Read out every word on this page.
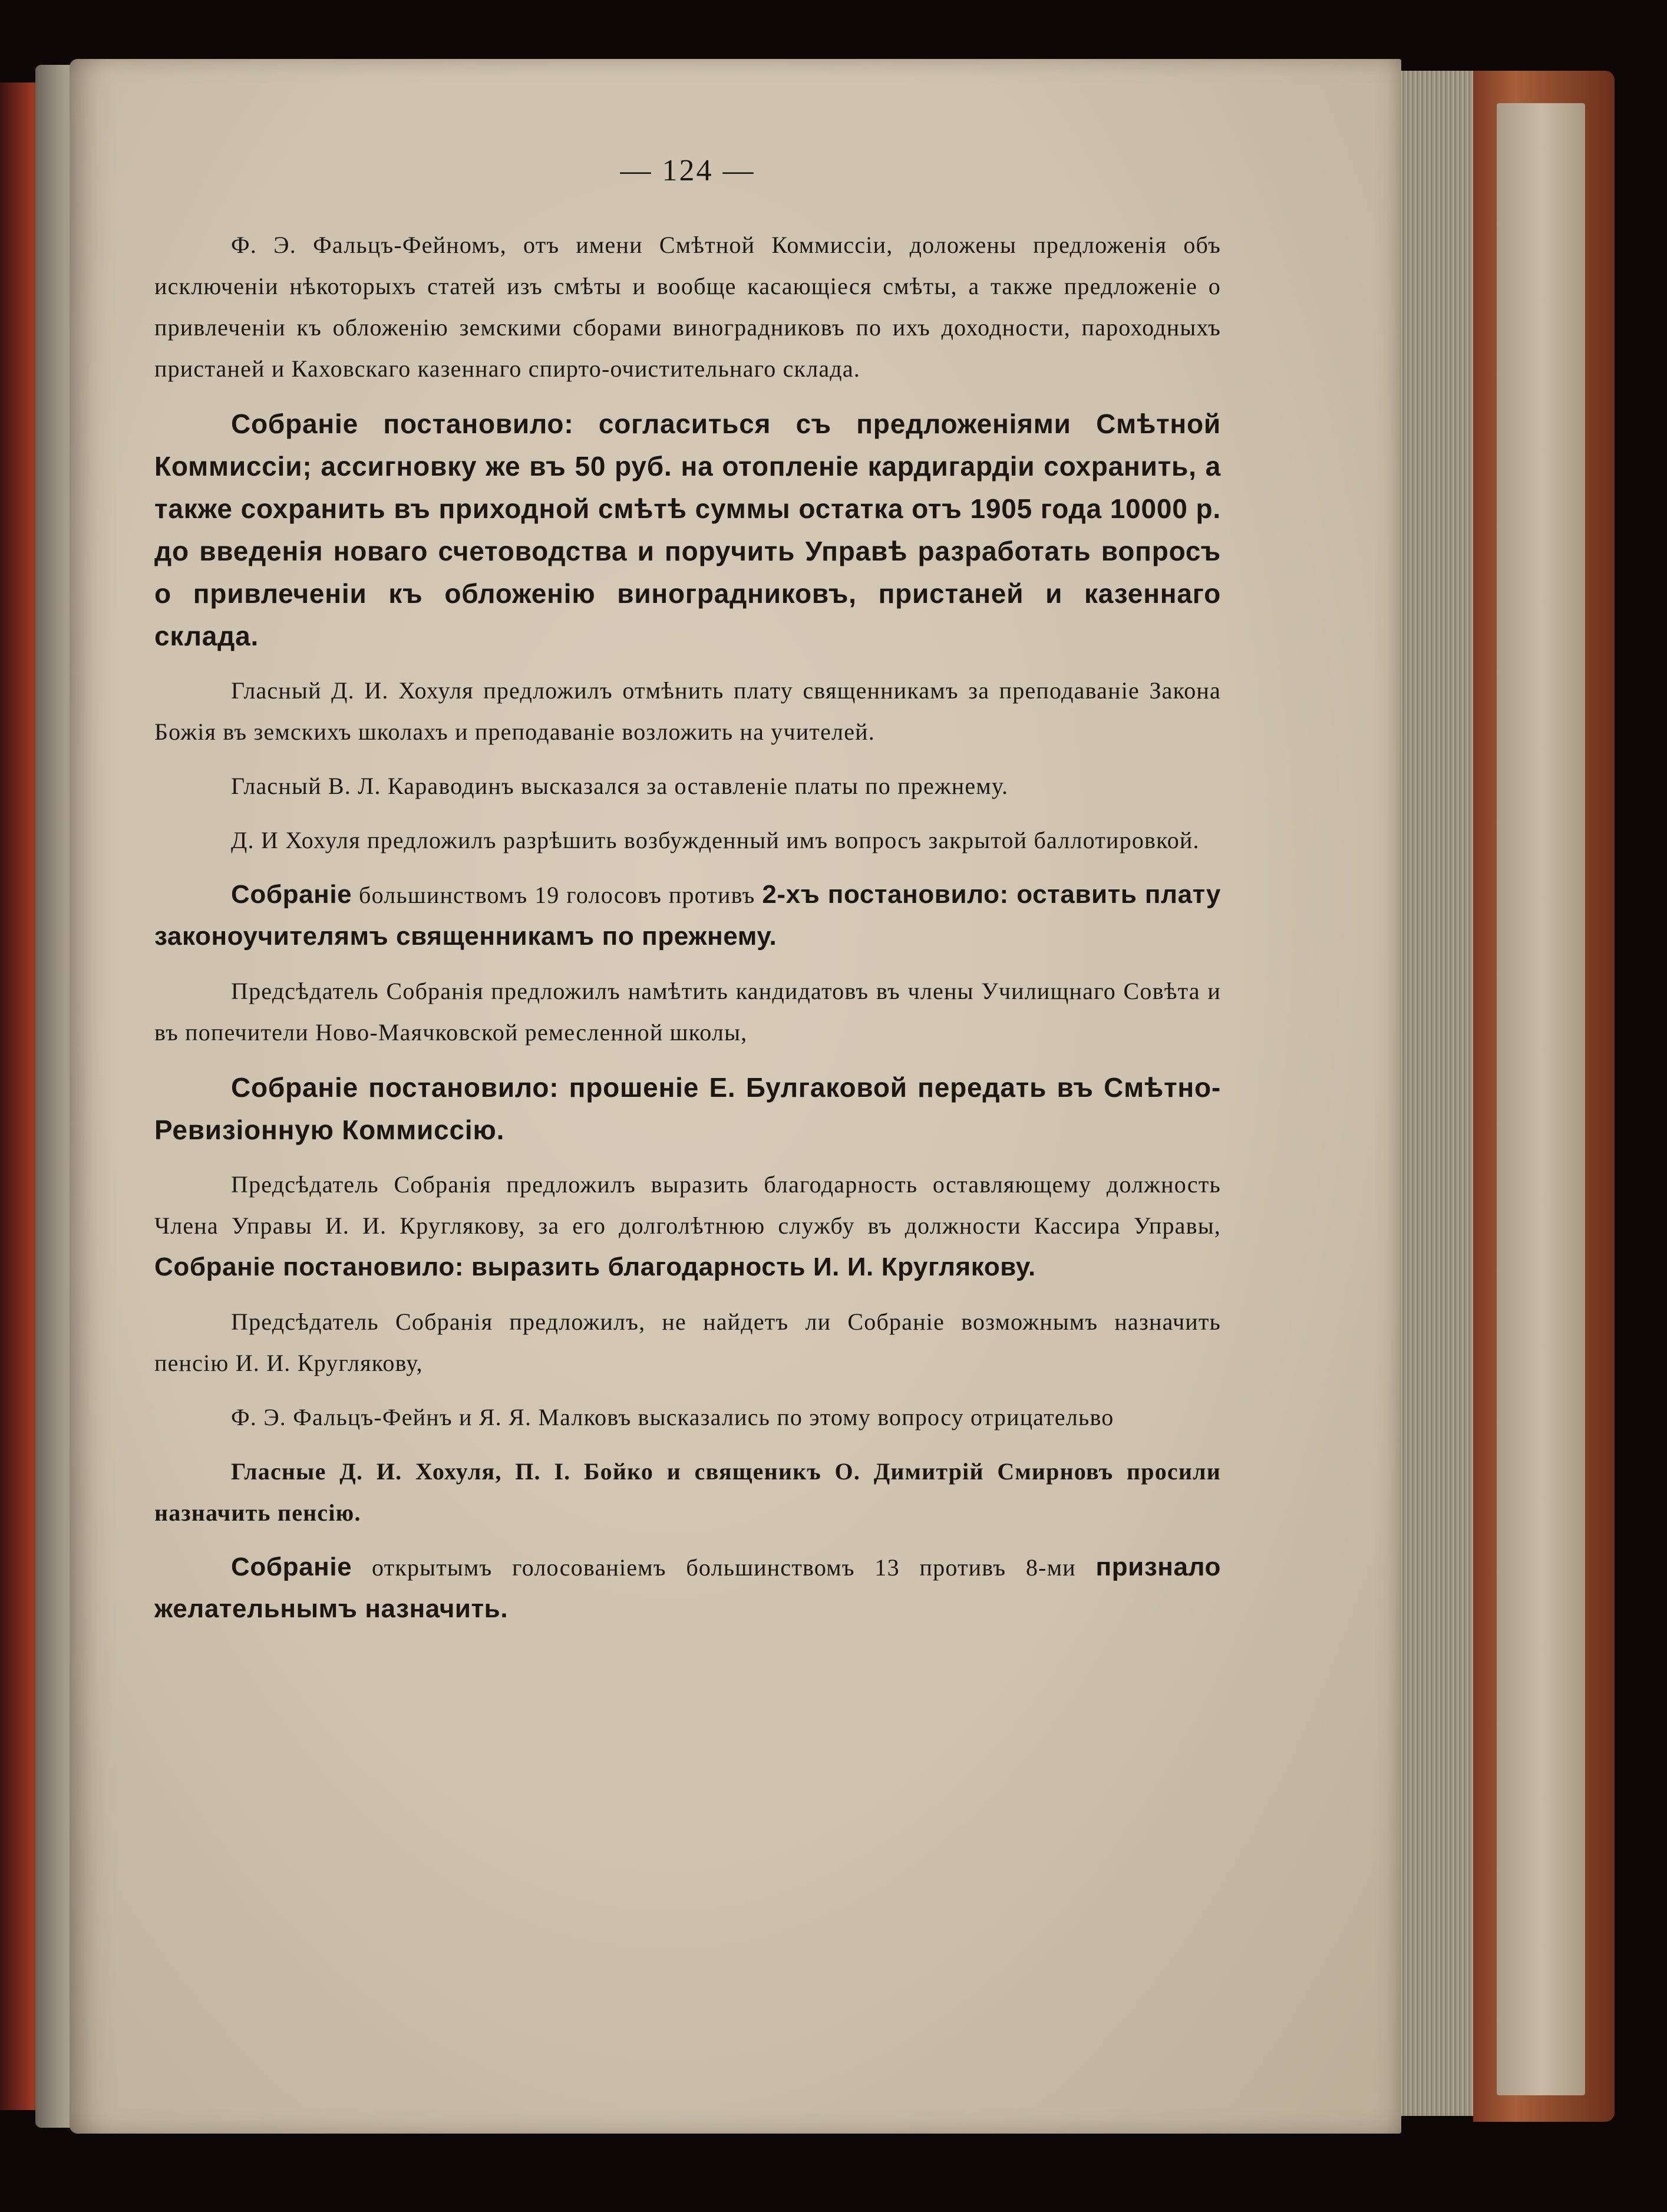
— 124 —

Ф. Э. Фальцъ-Фейномъ, отъ имени Смѣтной Коммиссiи, доложены предложенiя объ исключенiи нѣкоторыхъ статей изъ смѣты и вообще касающiеся смѣты, а также предложенiе о привлеченiи къ обложенiю земскими сборами виноградниковъ по ихъ доходности, пароходныхъ пристаней и Каховскаго казеннаго спирто-очистительнаго склада.

Собранiе постановило: согласиться съ предложенiями Смѣтной Коммиссiи; ассигновку же въ 50 руб. на отопленiе кардигардiи сохранить, а также сохранить въ приходной смѣтѣ суммы остатка отъ 1905 года 10000 р. до введенiя новаго счетоводства и поручить Управѣ разработать вопросъ о привлеченiи къ обложенiю виноградниковъ, пристаней и казеннаго склада.

Гласный Д. И. Хохуля предложилъ отмѣнить плату священникамъ за преподаванiе Закона Божiя въ земскихъ школахъ и преподаванiе возложить на учителей.

Гласный В. Л. Караводинъ высказался за оставленiе платы по прежнему.

Д. И Хохуля предложилъ разрѣшить возбужденный имъ вопросъ закрытой баллотировкой.

Собранiе большинствомъ 19 голосовъ противъ 2-хъ постановило: оставить плату законоучителямъ священникамъ по прежнему.

Предсѣдатель Собранiя предложилъ намѣтить кандидатовъ въ члены Училищнаго Совѣта и въ попечители Ново-Маячковской ремесленной школы,

Собранiе постановило: прошенiе Е. Булгаковой передать въ Смѣтно-Ревизiонную Коммиссiю.

Предсѣдатель Собранiя предложилъ выразить благодарность оставляющему должность Члена Управы И. И. Круглякову, за его долголѣтнюю службу въ должности Кассира Управы, Собранiе постановило: выразить благодарность И. И. Круглякову.

Предсѣдатель Собранiя предложилъ, не найдетъ ли Собранiе возможнымъ назначить пенсiю И. И. Круглякову,

Ф. Э. Фальцъ-Фейнъ и Я. Я. Малковъ высказались по этому вопросу отрицательво

Гласные Д. И. Хохуля, П. I. Бойко и священикъ О. Димитрiй Смирновъ просили назначить пенсiю.

Собранiе открытымъ голосованiемъ большинствомъ 13 противъ 8-ми признало желательнымъ назначить.
